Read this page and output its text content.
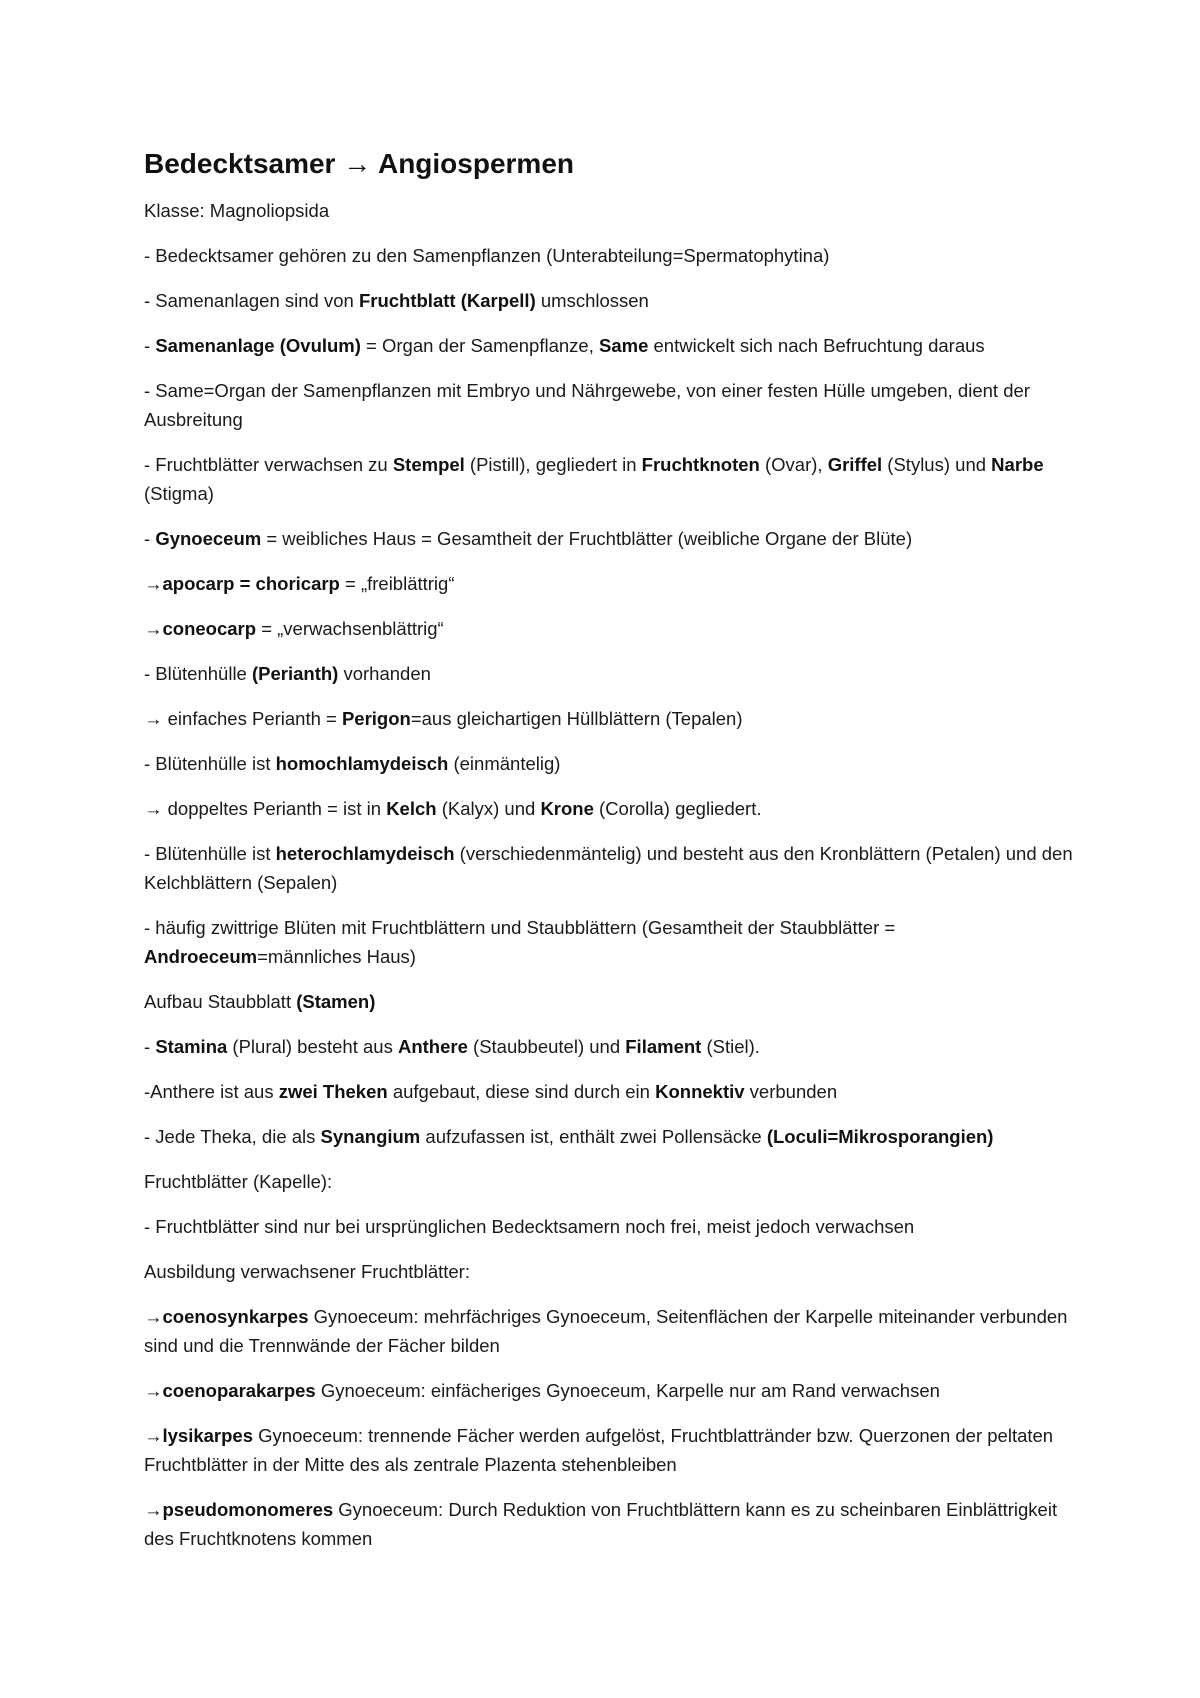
Bedecktsamer → Angiospermen

Klasse: Magnoliopsida

- Bedecktsamer gehören zu den Samenpflanzen (Unterabteilung=Spermatophytina)

- Samenanlagen sind von Fruchtblatt (Karpell) umschlossen

- Samenanlage (Ovulum) = Organ der Samenpflanze, Same entwickelt sich nach Befruchtung daraus

- Same=Organ der Samenpflanzen mit Embryo und Nährgewebe, von einer festen Hülle umgeben, dient der Ausbreitung

- Fruchtblätter verwachsen zu Stempel (Pistill), gegliedert in Fruchtknoten (Ovar), Griffel (Stylus) und Narbe (Stigma)

- Gynoeceum = weibliches Haus = Gesamtheit der Fruchtblätter (weibliche Organe der Blüte)

→apocarp = choricarp = „freiblättrig“

→coneocarp = „verwachsenblättrig“

- Blütenhülle (Perianth) vorhanden

→ einfaches Perianth = Perigon=aus gleichartigen Hüllblättern (Tepalen)

- Blütenhülle ist homochlamydeisch (einmäntelig)

→ doppeltes Perianth = ist in Kelch (Kalyx) und Krone (Corolla) gegliedert.

- Blütenhülle ist heterochlamydeisch (verschiedenmäntelig) und besteht aus den Kronblättern (Petalen) und den Kelchblättern (Sepalen)

- häufig zwittrige Blüten mit Fruchtblättern und Staubblättern (Gesamtheit der Staubblätter = Androeceum=männliches Haus)

Aufbau Staubblatt (Stamen)

- Stamina (Plural) besteht aus Anthere (Staubbeutel) und Filament (Stiel).

-Anthere ist aus zwei Theken aufgebaut, diese sind durch ein Konnektiv verbunden

- Jede Theka, die als Synangium aufzufassen ist, enthält zwei Pollensäcke (Loculi=Mikrosporangien)

Fruchtblätter (Kapelle):

- Fruchtblätter sind nur bei ursprünglichen Bedecktsamern noch frei, meist jedoch verwachsen

Ausbildung verwachsener Fruchtblätter:

→coenosynkarpes Gynoeceum: mehrfächriges Gynoeceum, Seitenflächen der Karpelle miteinander verbunden sind und die Trennwände der Fächer bilden

→coenoparakarpes Gynoeceum: einfächeriges Gynoeceum, Karpelle nur am Rand verwachsen

→lysikarpes Gynoeceum: trennende Fächer werden aufgelöst, Fruchtblattränder bzw. Querzonen der peltaten Fruchtblätter in der Mitte des als zentrale Plazenta stehenbleiben

→pseudomonomeres Gynoeceum: Durch Reduktion von Fruchtblättern kann es zu scheinbaren Einblättrigkeit des Fruchtknotens kommen
